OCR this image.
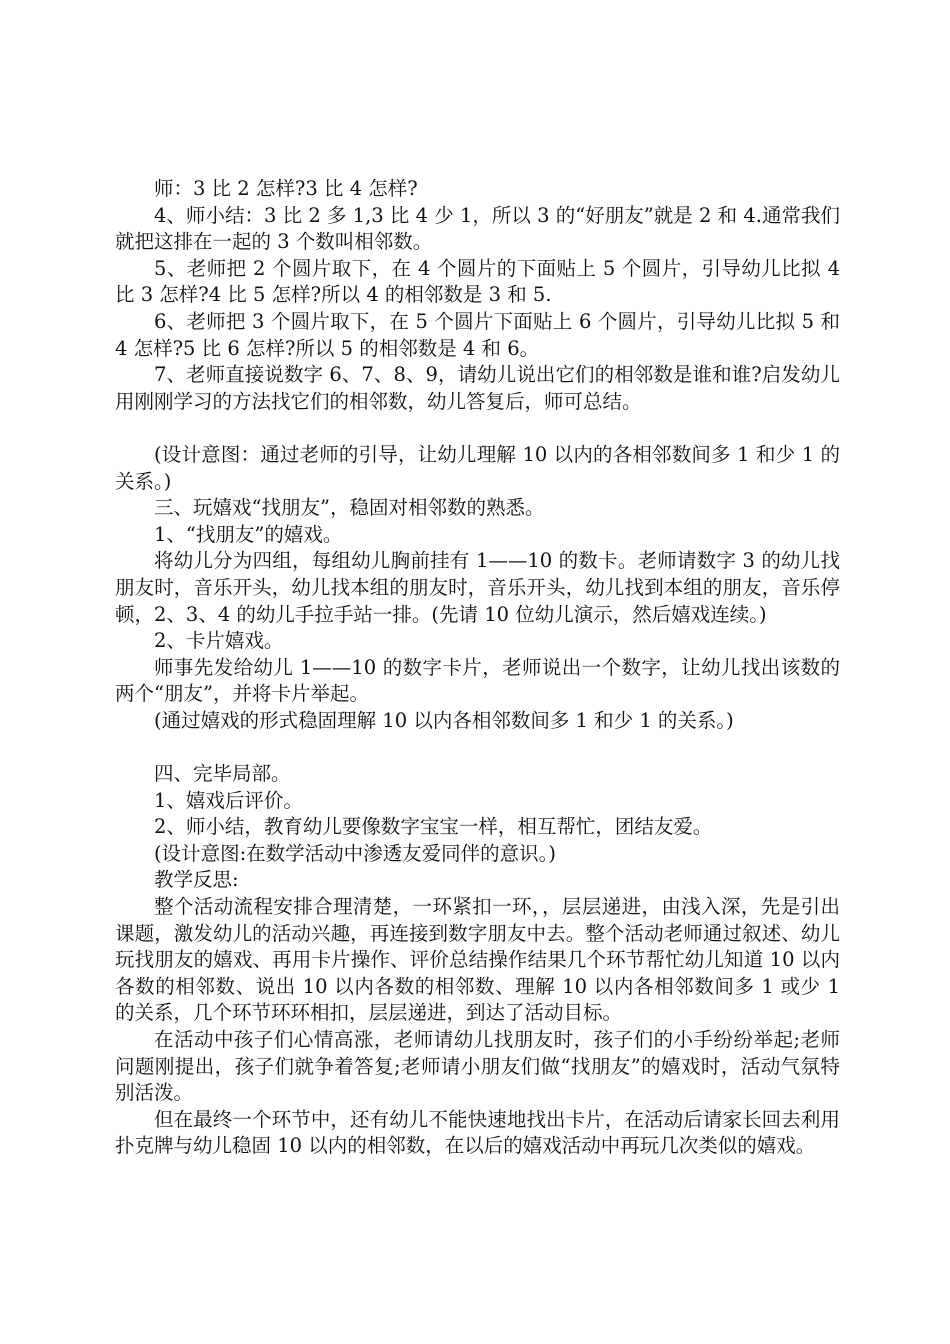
师：3 比 2 怎样?3 比 4 怎样?

4、师小结：3 比 2 多 1,3 比 4 少 1，所以 3 的“好朋友”就是 2 和 4.通常我们就把这排在一起的 3 个数叫相邻数。

5、老师把 2 个圆片取下，在 4 个圆片的下面贴上 5 个圆片，引导幼儿比拟 4 比 3 怎样?4 比 5 怎样?所以 4 的相邻数是 3 和 5.

6、老师把 3 个圆片取下，在 5 个圆片下面贴上 6 个圆片，引导幼儿比拟 5 和 4 怎样?5 比 6 怎样?所以 5 的相邻数是 4 和 6。

7、老师直接说数字 6、7、8、9，请幼儿说出它们的相邻数是谁和谁?启发幼儿用刚刚学习的方法找它们的相邻数，幼儿答复后，师可总结。

(设计意图：通过老师的引导，让幼儿理解 10 以内的各相邻数间多 1 和少 1 的关系。)

三、玩嬉戏“找朋友”，稳固对相邻数的熟悉。

1、“找朋友”的嬉戏。

将幼儿分为四组，每组幼儿胸前挂有 1——10 的数卡。老师请数字 3 的幼儿找朋友时，音乐开头，幼儿找本组的朋友时，音乐开头，幼儿找到本组的朋友，音乐停顿，2、3、4 的幼儿手拉手站一排。(先请 10 位幼儿演示，然后嬉戏连续。)

2、卡片嬉戏。

师事先发给幼儿 1——10 的数字卡片，老师说出一个数字，让幼儿找出该数的两个“朋友”，并将卡片举起。

(通过嬉戏的形式稳固理解 10 以内各相邻数间多 1 和少 1 的关系。)

四、完毕局部。

1、嬉戏后评价。

2、师小结，教育幼儿要像数字宝宝一样，相互帮忙，团结友爱。

(设计意图:在数学活动中渗透友爱同伴的意识。)

教学反思:

整个活动流程安排合理清楚，一环紧扣一环，，层层递进，由浅入深，先是引出课题，激发幼儿的活动兴趣，再连接到数字朋友中去。整个活动老师通过叙述、幼儿玩找朋友的嬉戏、再用卡片操作、评价总结操作结果几个环节帮忙幼儿知道 10 以内各数的相邻数、说出 10 以内各数的相邻数、理解 10 以内各相邻数间多 1 或少 1 的关系，几个环节环环相扣，层层递进，到达了活动目标。

在活动中孩子们心情高涨，老师请幼儿找朋友时，孩子们的小手纷纷举起;老师问题刚提出，孩子们就争着答复;老师请小朋友们做“找朋友”的嬉戏时，活动气氛特别活泼。

但在最终一个环节中，还有幼儿不能快速地找出卡片，在活动后请家长回去利用扑克牌与幼儿稳固 10 以内的相邻数，在以后的嬉戏活动中再玩几次类似的嬉戏。
